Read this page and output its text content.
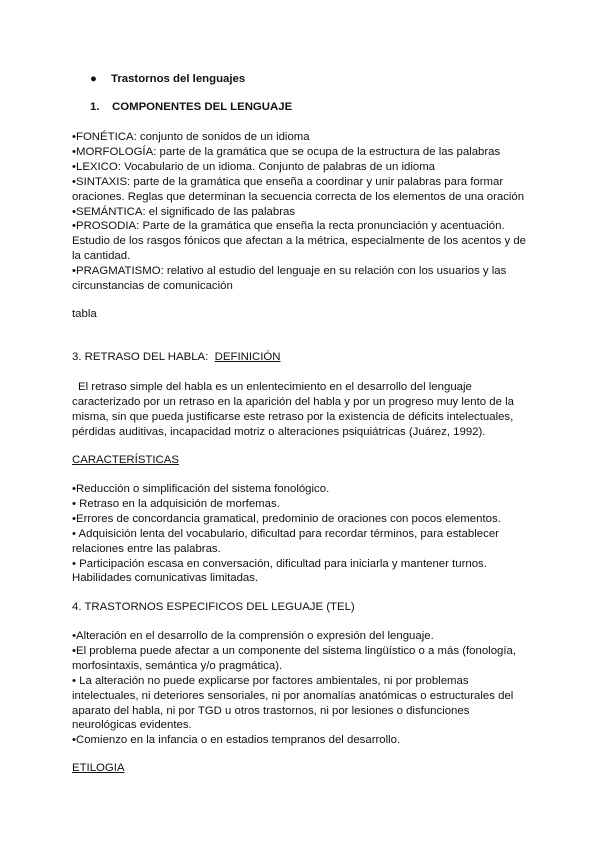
● Trastornos del lenguajes
1. COMPONENTES DEL LENGUAJE

•FONÉTICA: conjunto de sonidos de un idioma

•MORFOLOGÍA: parte de la gramática que se ocupa de la estructura de las palabras

•LEXICO: Vocabulario de un idioma. Conjunto de palabras de un idioma

•SINTAXIS: parte de la gramática que enseña a coordinar y unir palabras para formar oraciones. Reglas que determinan la secuencia correcta de los elementos de una oración

•SEMÁNTICA: el significado de las palabras

•PROSODIA: Parte de la gramática que enseña la recta pronunciación y acentuación. Estudio de los rasgos fónicos que afectan a la métrica, especialmente de los acentos y de la cantidad.

•PRAGMATISMO: relativo al estudio del lenguaje en su relación con los usuarios y las circunstancias de comunicación

tabla

3. RETRASO DEL HABLA: DEFINICIÓN

El retraso simple del habla es un enlentecimiento en el desarrollo del lenguaje caracterizado por un retraso en la aparición del habla y por un progreso muy lento de la misma, sin que pueda justificarse este retraso por la existencia de déficits intelectuales, pérdidas auditivas, incapacidad motriz o alteraciones psiquiátricas (Juárez, 1992).

CARACTERÍSTICAS

•Reducción o simplificación del sistema fonológico.

• Retraso en la adquisición de morfemas.

•Errores de concordancia gramatical, predominio de oraciones con pocos elementos.

• Adquisición lenta del vocabulario, dificultad para recordar términos, para establecer relaciones entre las palabras.

• Participación escasa en conversación, dificultad para iniciarla y mantener turnos. Habilidades comunicativas limitadas.

4. TRASTORNOS ESPECIFICOS DEL LEGUAJE (TEL)

•Alteración en el desarrollo de la comprensión o expresión del lenguaje.

•El problema puede afectar a un componente del sistema lingüístico o a más (fonología, morfosintaxis, semántica y/o pragmática).

• La alteración no puede explicarse por factores ambientales, ni por problemas intelectuales, ni deteriores sensoriales, ni por anomalías anatómicas o estructurales del aparato del habla, ni por TGD u otros trastornos, ni por lesiones o disfunciones neurológicas evidentes.

•Comienzo en la infancia o en estadios tempranos del desarrollo.

ETILOGIA
